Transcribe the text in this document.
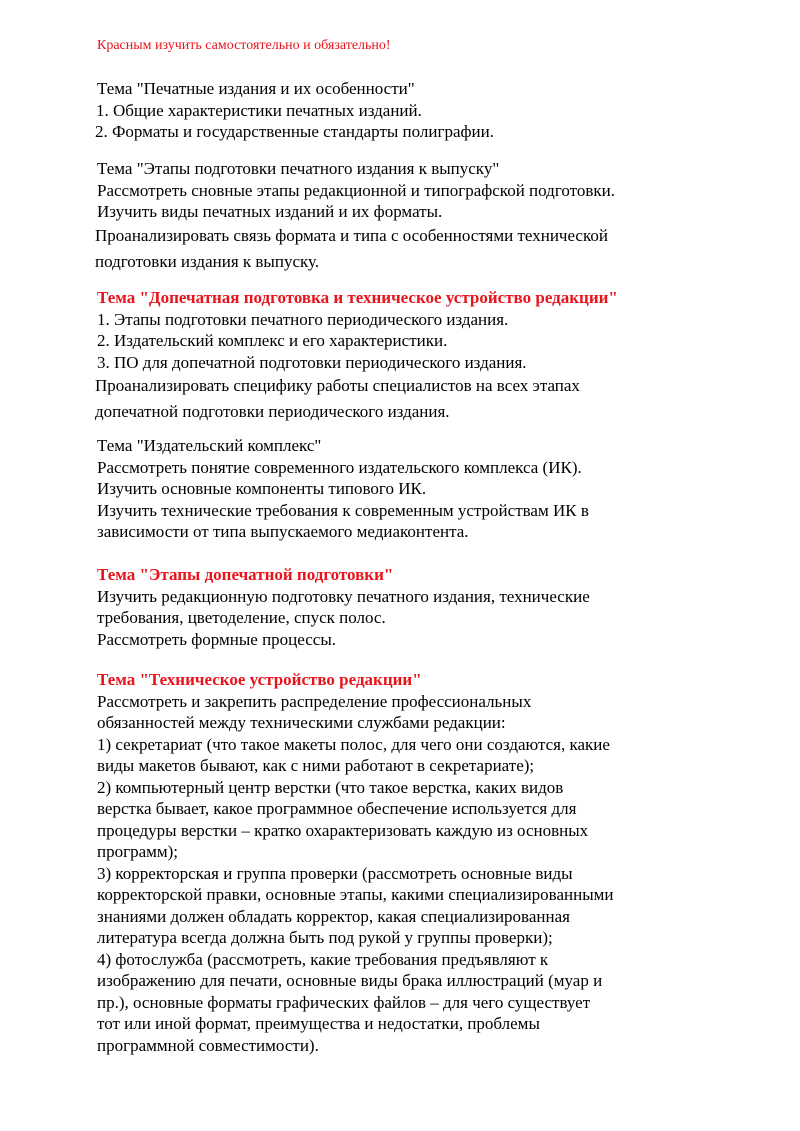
Красным изучить самостоятельно и обязательно!
Тема "Печатные издания и их особенности"
1. Общие характеристики печатных изданий.
2. Форматы и государственные стандарты полиграфии.
Тема "Этапы подготовки печатного издания к выпуску"
Рассмотреть сновные этапы редакционной и типографской подготовки.
Изучить виды печатных изданий и их форматы.
Проанализировать связь формата и типа с особенностями технической
подготовки издания к выпуску.
Тема "Допечатная подготовка и техническое устройство редакции"
1. Этапы подготовки печатного периодического издания.
2. Издательский комплекс и его характеристики.
3. ПО для допечатной подготовки периодического издания.
Проанализировать специфику работы специалистов на всех этапах
допечатной подготовки периодического издания.
Тема "Издательский комплекс"
Рассмотреть понятие современного издательского комплекса (ИК).
Изучить основные компоненты типового ИК.
Изучить технические требования к современным устройствам ИК в
зависимости от типа выпускаемого медиаконтента.
Тема "Этапы допечатной подготовки"
Изучить редакционную подготовку печатного издания, технические
требования, цветоделение, спуск полос.
Рассмотреть формные процессы.
Тема "Техническое устройство редакции"
Рассмотреть и закрепить распределение профессиональных
обязанностей между техническими службами редакции:
1) секретариат (что такое макеты полос, для чего они создаются, какие
виды макетов бывают, как с ними работают в секретариате);
2) компьютерный центр верстки (что такое верстка, каких видов
верстка бывает, какое программное обеспечение используется для
процедуры верстки – кратко охарактеризовать каждую из основных
программ);
3) корректорская и группа проверки (рассмотреть основные виды
корректорской правки, основные этапы, какими специализированными
знаниями должен обладать корректор, какая специализированная
литература всегда должна быть под рукой у группы проверки);
4) фотослужба (рассмотреть, какие требования предъявляют к
изображению для печати, основные виды брака иллюстраций (муар и
пр.), основные форматы графических файлов – для чего существует
тот или иной формат, преимущества и недостатки, проблемы
программной совместимости).
